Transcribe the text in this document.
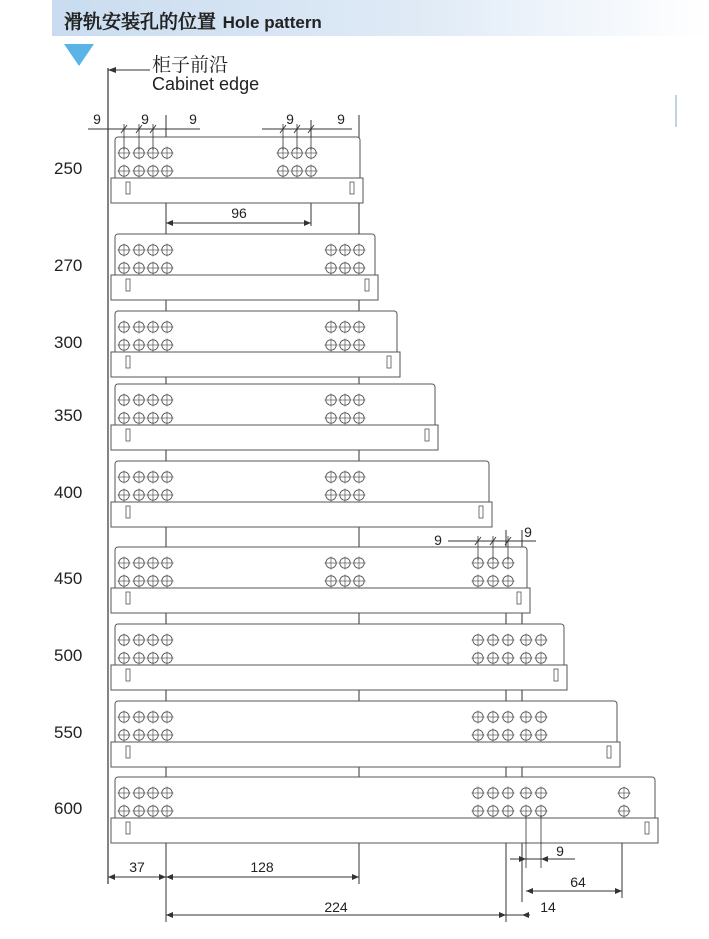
滑轨安装孔的位置 Hole pattern
柜子前沿
Cabinet edge
250
270
300
350
400
450
500
550
600
9	9	9	9	9
96
9	9
37	128
224	14
9
64
